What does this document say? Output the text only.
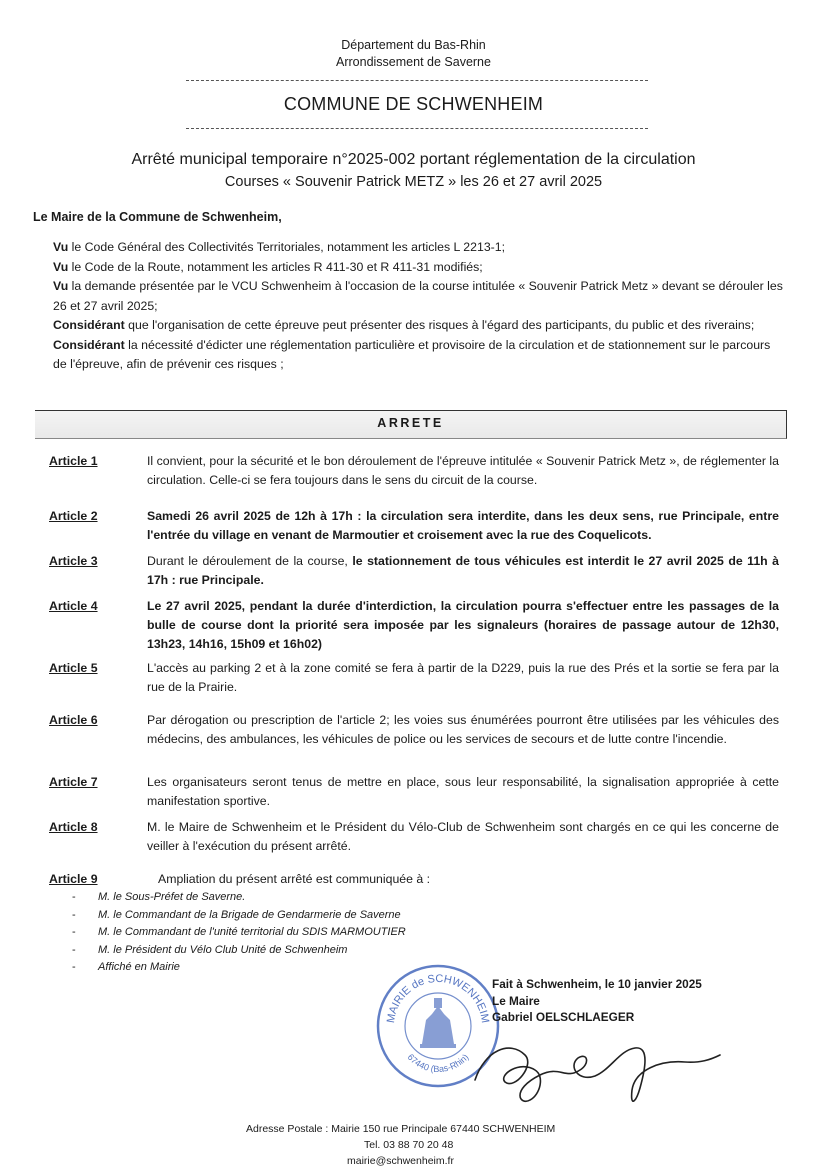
Département du Bas-Rhin
Arrondissement de Saverne
COMMUNE DE SCHWENHEIM
Arrêté municipal temporaire n°2025-002 portant réglementation de la circulation
Courses « Souvenir Patrick METZ » les 26 et 27 avril 2025
Le Maire de la Commune de Schwenheim,

Vu le Code Général des Collectivités Territoriales, notamment les articles L 2213-1;

Vu le Code de la Route, notamment les articles R 411-30 et R 411-31 modifiés;

Vu la demande présentée par le VCU Schwenheim à l'occasion de la course intitulée « Souvenir Patrick Metz » devant se dérouler les 26 et 27 avril 2025;

Considérant que l'organisation de cette épreuve peut présenter des risques à l'égard des participants, du public et des riverains;

Considérant la nécessité d'édicter une réglementation particulière et provisoire de la circulation et de stationnement sur le parcours de l'épreuve, afin de prévenir ces risques ;

ARRETE
Article 1	Il convient, pour la sécurité et le bon déroulement de l'épreuve intitulée « Souvenir Patrick Metz », de réglementer la circulation. Celle-ci se fera toujours dans le sens du circuit de la course.
Article 2	Samedi 26 avril 2025 de 12h à 17h : la circulation sera interdite, dans les deux sens, rue Principale, entre l'entrée du village en venant de Marmoutier et croisement avec la rue des Coquelicots.
Article 3	Durant le déroulement de la course, le stationnement de tous véhicules est interdit le 27 avril 2025 de 11h à 17h : rue Principale.
Article 4	Le 27 avril 2025, pendant la durée d'interdiction, la circulation pourra s'effectuer entre les passages de la bulle de course dont la priorité sera imposée par les signaleurs (horaires de passage autour de 12h30, 13h23, 14h16, 15h09 et 16h02)
Article 5	L'accès au parking 2 et à la zone comité se fera à partir de la D229, puis la rue des Prés et la sortie se fera par la rue de la Prairie.
Article 6	Par dérogation ou prescription de l'article 2; les voies sus énumérées pourront être utilisées par les véhicules des médecins, des ambulances, les véhicules de police ou les services de secours et de lutte contre l'incendie.
Article 7	Les organisateurs seront tenus de mettre en place, sous leur responsabilité, la signalisation appropriée à cette manifestation sportive.
Article 8	M. le Maire de Schwenheim et le Président du Vélo-Club de Schwenheim sont chargés en ce qui les concerne de veiller à l'exécution du présent arrêté.
Article 9	Ampliation du présent arrêté est communiquée à :
- M. le Sous-Préfet de Saverne.
- M. le Commandant de la Brigade de Gendarmerie de Saverne
- M. le Commandant de l'unité territorial du SDIS MARMOUTIER
- M. le Président du Vélo Club Unité de Schwenheim
- Affiché en Mairie
MAIRIE de SCHWENHEIM
67440 (Bas-Rhin)
Fait à Schwenheim, le 10 janvier 2025
Le Maire
Gabriel OELSCHLAEGER
Adresse Postale : Mairie 150 rue Principale 67440 SCHWENHEIM
Tel. 03 88 70 20 48
mairie@schwenheim.fr
